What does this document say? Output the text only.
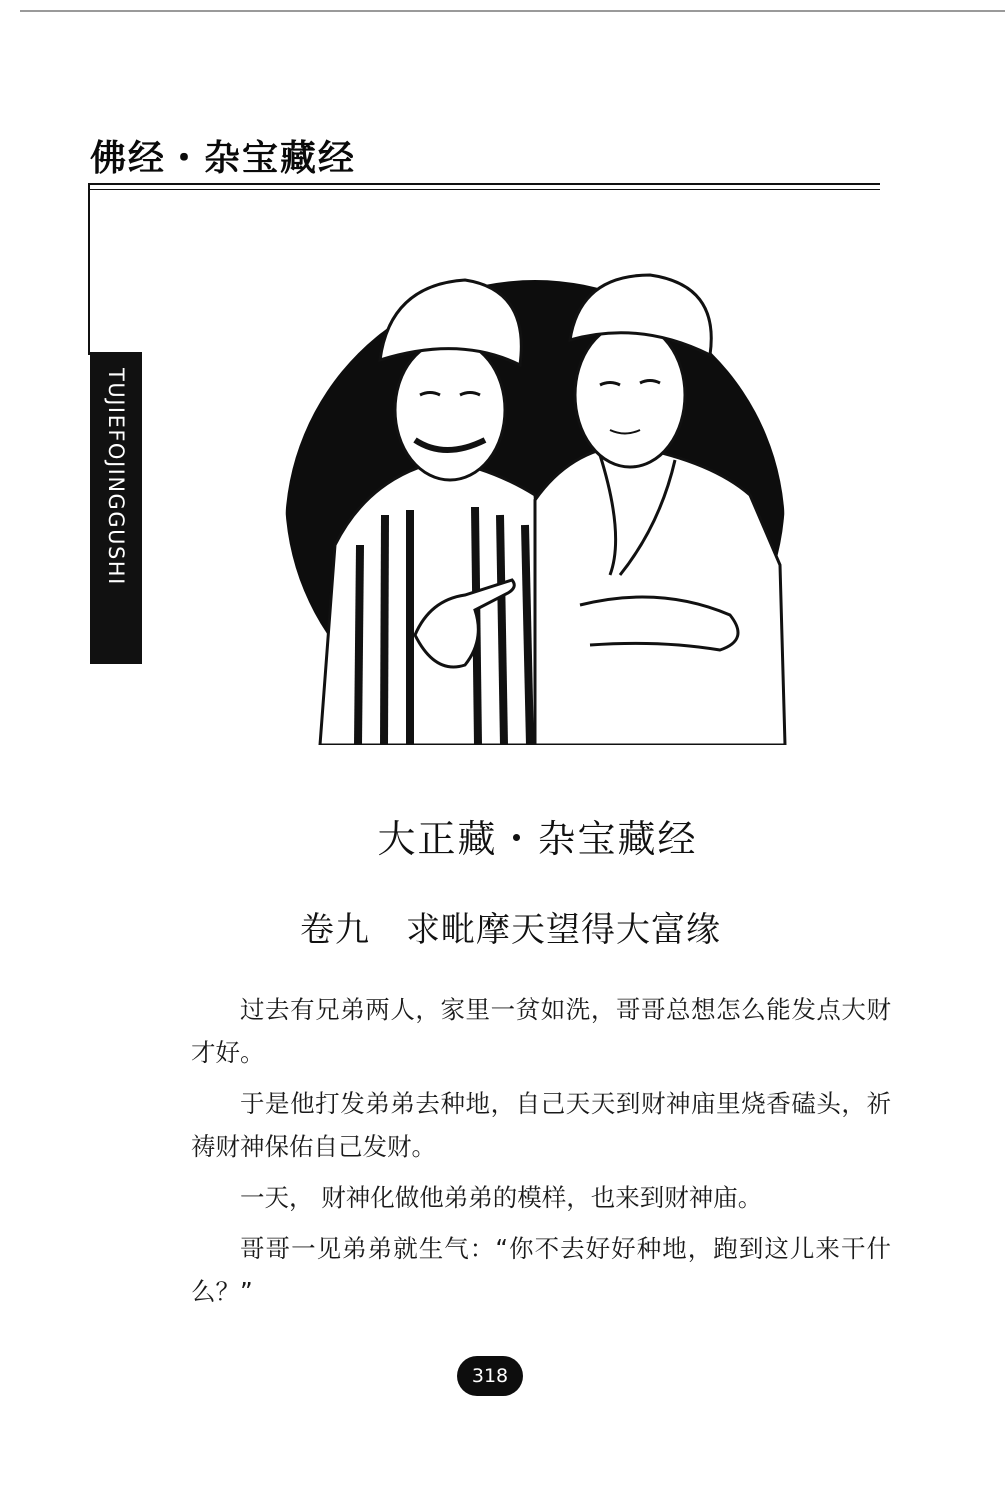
佛经・杂宝藏经
TUJIEFOJINGGUSHI
大正藏・杂宝藏经
卷九 求毗摩天望得大富缘

过去有兄弟两人，家里一贫如洗，哥哥总想怎么能发点大财才好。

于是他打发弟弟去种地，自己天天到财神庙里烧香磕头，祈祷财神保佑自己发财。

一天， 财神化做他弟弟的模样，也来到财神庙。

哥哥一见弟弟就生气：“你不去好好种地，跑到这儿来干什么？”

318
